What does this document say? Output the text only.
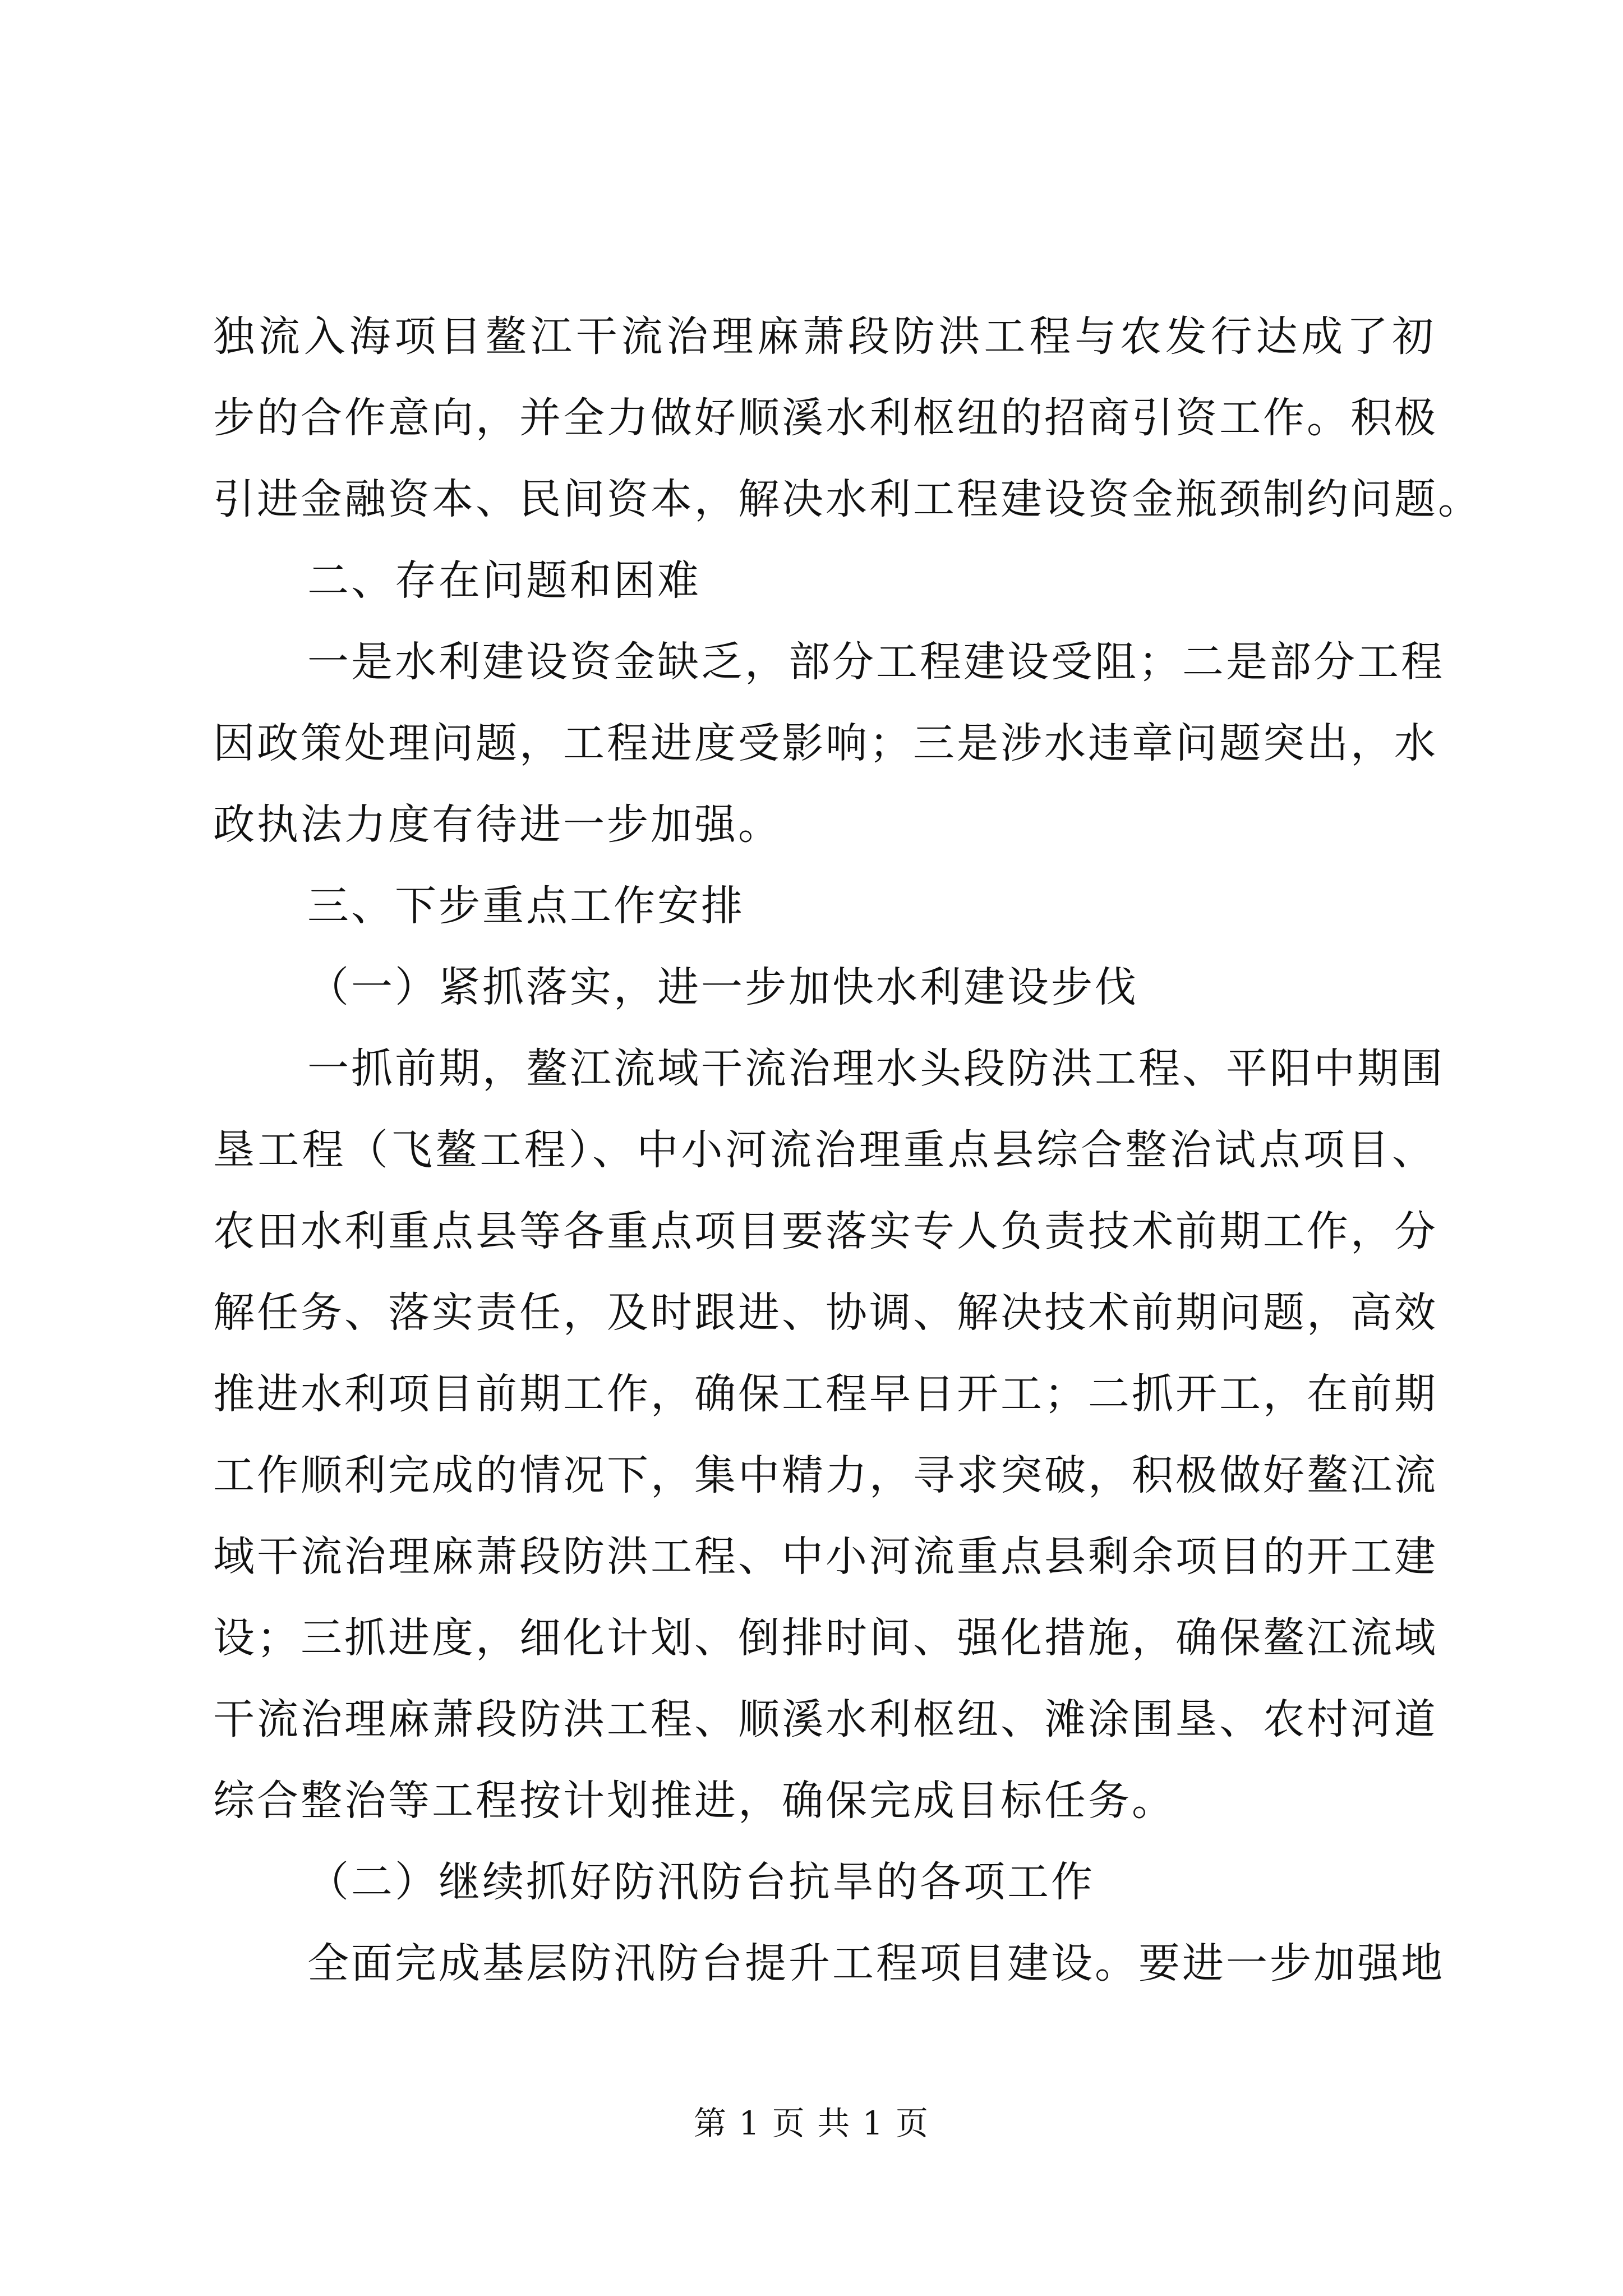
独流入海项目鳌江干流治理麻萧段防洪工程与农发行达成了初
步的合作意向，并全力做好顺溪水利枢纽的招商引资工作。积极
引进金融资本、民间资本，解决水利工程建设资金瓶颈制约问题。
二、存在问题和困难
一是水利建设资金缺乏，部分工程建设受阻；二是部分工程
因政策处理问题，工程进度受影响；三是涉水违章问题突出，水
政执法力度有待进一步加强。
三、下步重点工作安排
（一）紧抓落实，进一步加快水利建设步伐
一抓前期，鳌江流域干流治理水头段防洪工程、平阳中期围
垦工程（飞鳌工程）、中小河流治理重点县综合整治试点项目、
农田水利重点县等各重点项目要落实专人负责技术前期工作，分
解任务、落实责任，及时跟进、协调、解决技术前期问题，高效
推进水利项目前期工作，确保工程早日开工；二抓开工，在前期
工作顺利完成的情况下，集中精力，寻求突破，积极做好鳌江流
域干流治理麻萧段防洪工程、中小河流重点县剩余项目的开工建
设；三抓进度，细化计划、倒排时间、强化措施，确保鳌江流域
干流治理麻萧段防洪工程、顺溪水利枢纽、滩涂围垦、农村河道
综合整治等工程按计划推进，确保完成目标任务。
（二）继续抓好防汛防台抗旱的各项工作
全面完成基层防汛防台提升工程项目建设。要进一步加强地
第 1 页 共 1 页
